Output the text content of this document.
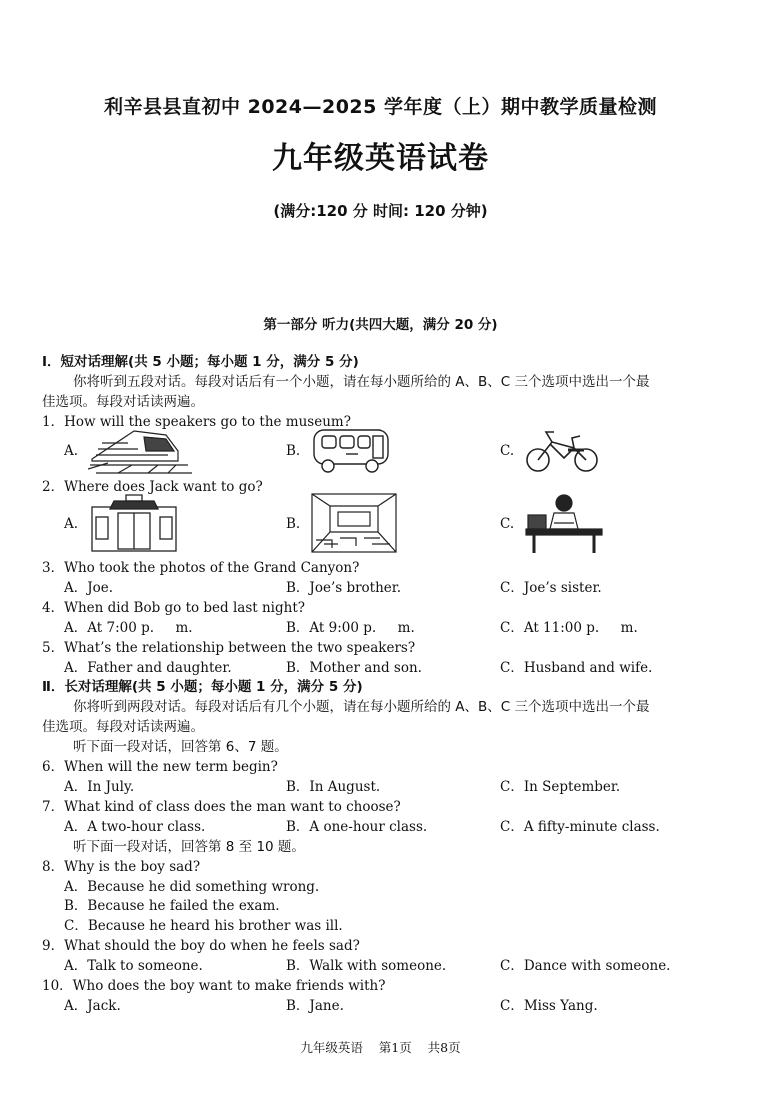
利辛县县直初中 2024—2025 学年度（上）期中教学质量检测
九年级英语试卷
(满分:120 分 时间: 120 分钟)
第一部分 听力(共四大题，满分 20 分)
Ⅰ．短对话理解(共 5 小题；每小题 1 分，满分 5 分)
你将听到五段对话。每段对话后有一个小题，请在每小题所给的 A、B、C 三个选项中选出一个最
佳选项。每段对话读两遍。
1．How will the speakers go to the museum?
A.	B.	C.
2．Where does Jack want to go?
A.	B.	C.
3．Who took the photos of the Grand Canyon?
A．Joe.	B．Joe’s brother.	C．Joe’s sister.
4．When did Bob go to bed last night?
A．At 7:00 p.     m.	B．At 9:00 p.     m.	C．At 11:00 p.     m.
5．What’s the relationship between the two speakers?
A．Father and daughter.	B．Mother and son.	C．Husband and wife.
Ⅱ．长对话理解(共 5 小题；每小题 1 分，满分 5 分)
你将听到两段对话。每段对话后有几个小题，请在每小题所给的 A、B、C 三个选项中选出一个最
佳选项。每段对话读两遍。
听下面一段对话，回答第 6、7 题。
6．When will the new term begin?
A．In July.	B．In August.	C．In September.
7．What kind of class does the man want to choose?
A．A two-hour class.	B．A one-hour class.	C．A fifty-minute class.
听下面一段对话，回答第 8 至 10 题。
8．Why is the boy sad?
A．Because he did something wrong.
B．Because he failed the exam.
C．Because he heard his brother was ill.
9．What should the boy do when he feels sad?
A．Talk to someone.	B．Walk with someone.	C．Dance with someone.
10．Who does the boy want to make friends with?
A．Jack.	B．Jane.	C．Miss Yang.
九年级英语    第1页    共8页
